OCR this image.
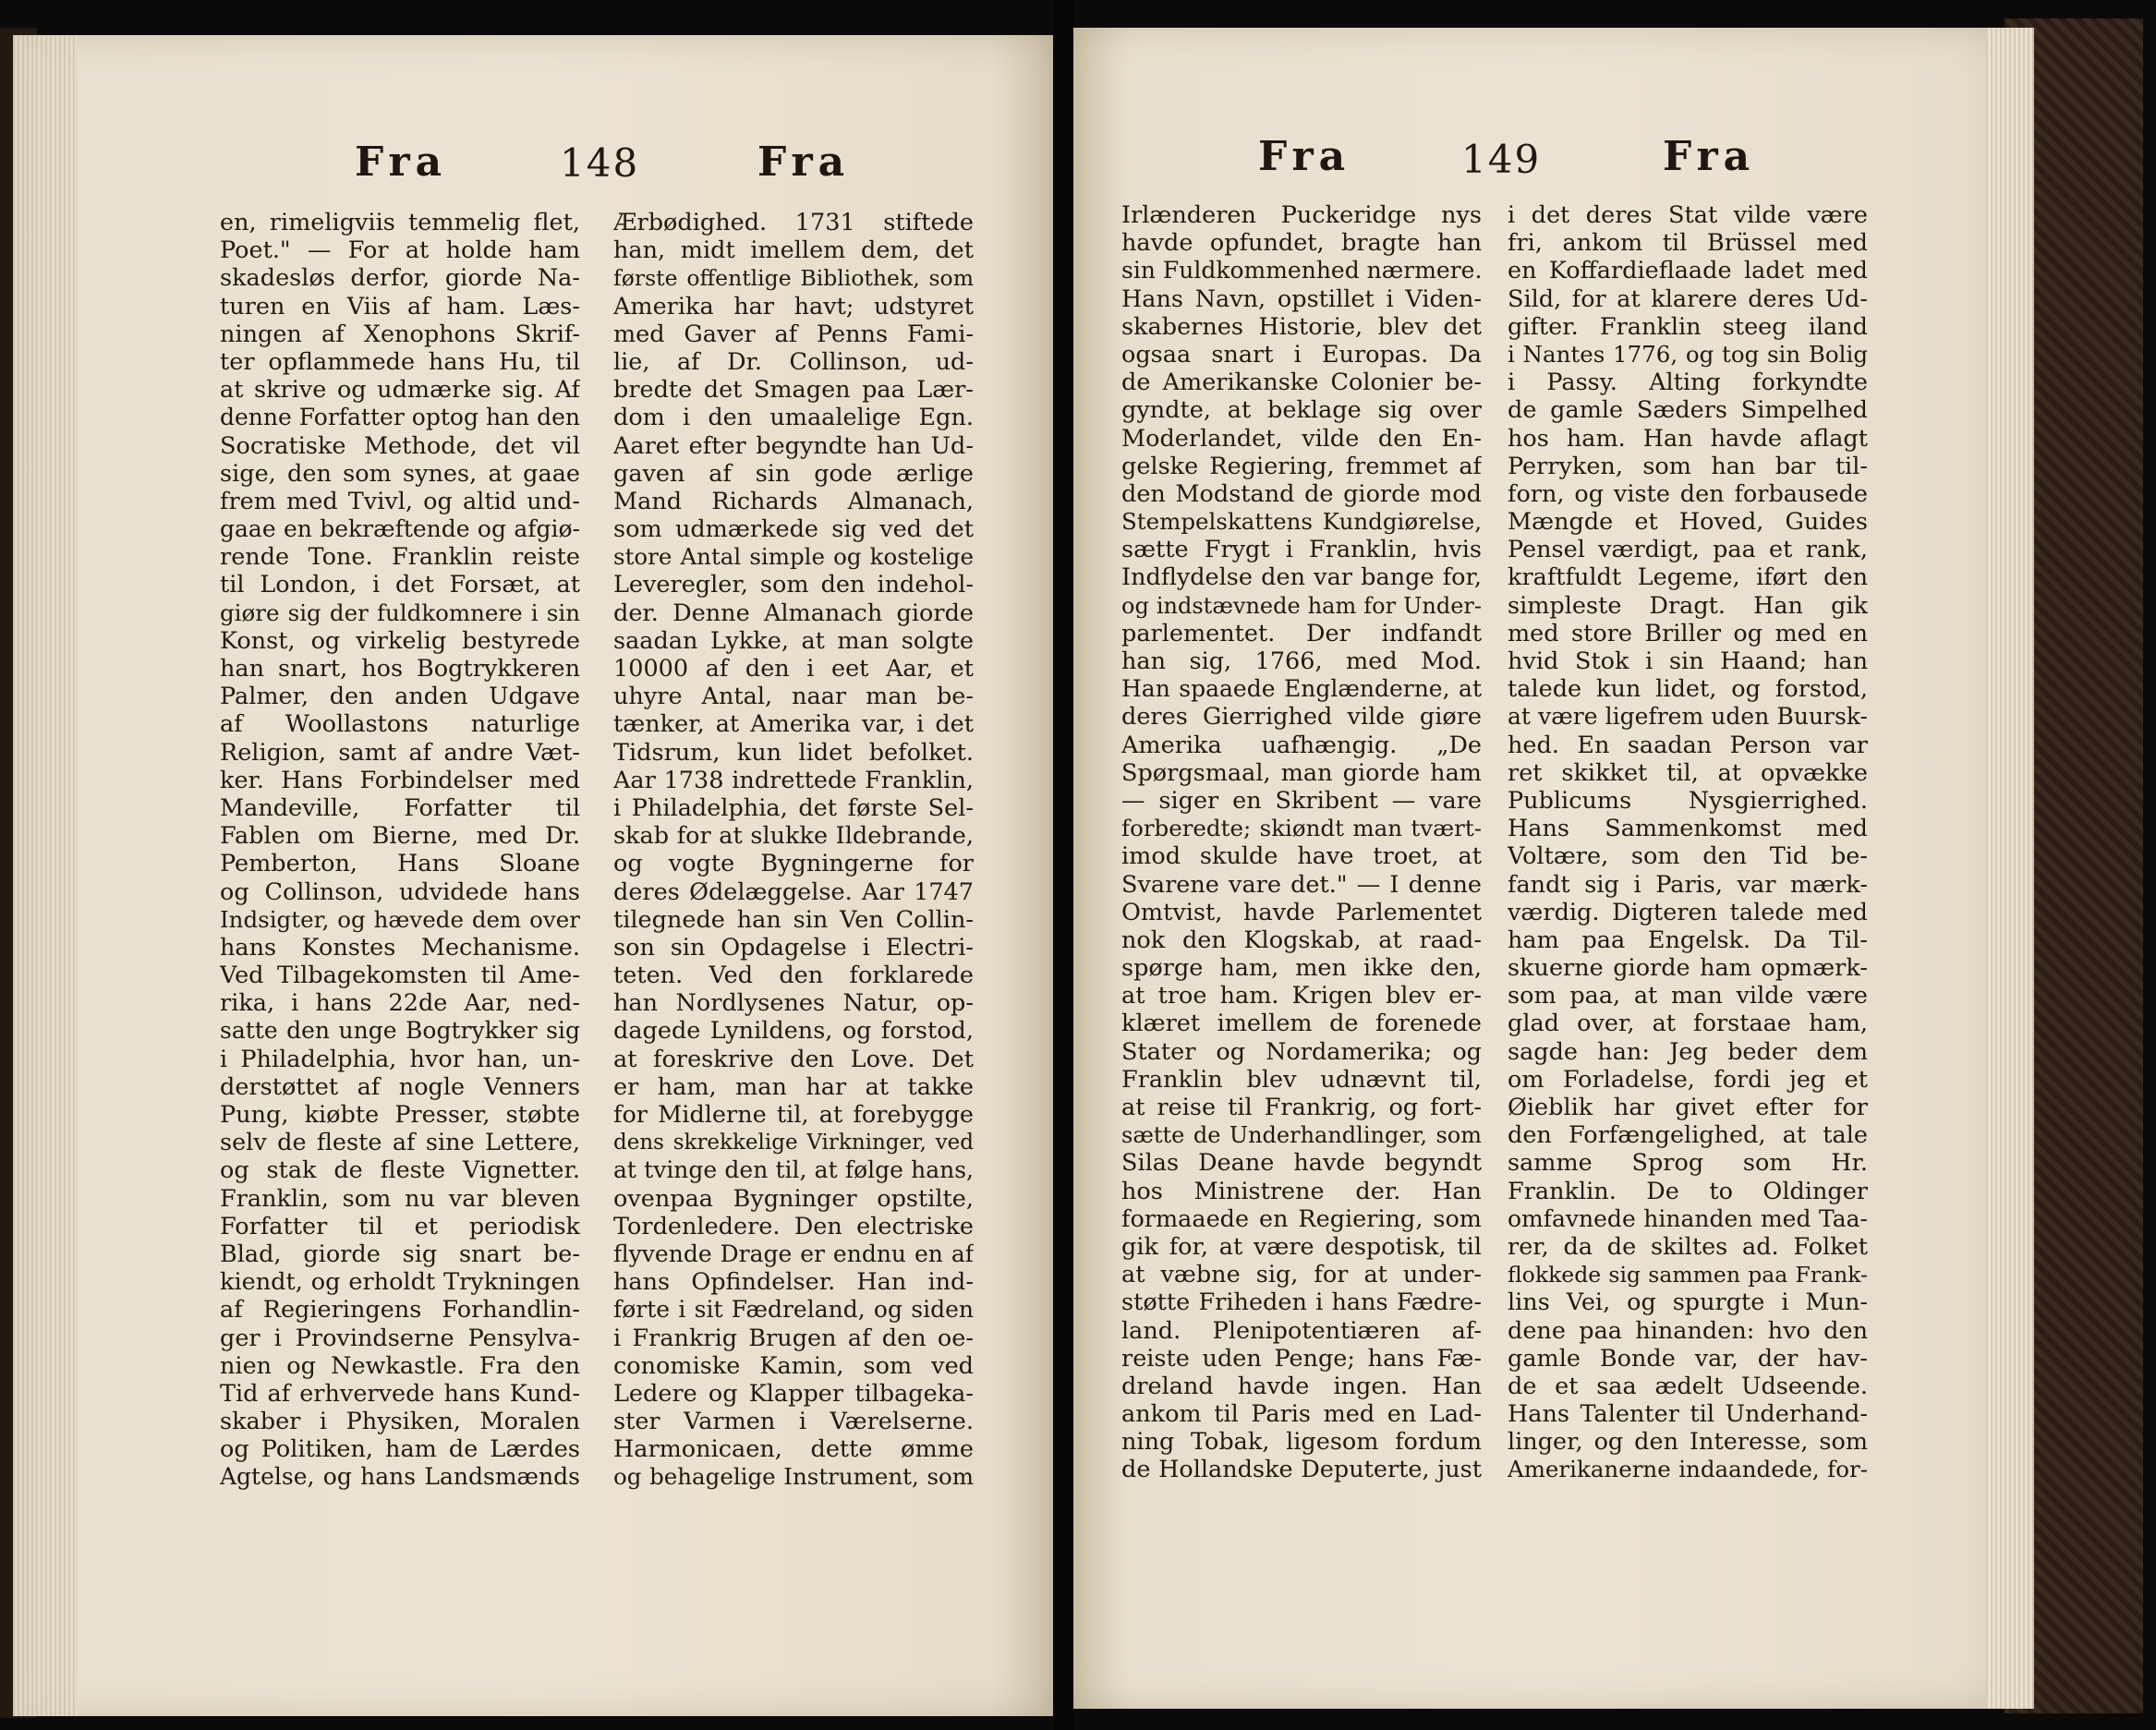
Fra	148	Fra	Fra	149	Fra
en, rimeligviis temmelig flet,
Poet." — For at holde ham
skadesløs derfor, giorde Na-
turen en Viis af ham. Læs-
ningen af Xenophons Skrif-
ter opflammede hans Hu, til
at skrive og udmærke sig. Af
denne Forfatter optog han den
Socratiske Methode, det vil
sige, den som synes, at gaae
frem med Tvivl, og altid und-
gaae en bekræftende og afgiø-
rende Tone. Franklin reiste
til London, i det Forsæt, at
giøre sig der fuldkomnere i sin
Konst, og virkelig bestyrede
han snart, hos Bogtrykkeren
Palmer, den anden Udgave
af Woollastons naturlige
Religion, samt af andre Væt-
ker. Hans Forbindelser med
Mandeville, Forfatter til
Fablen om Bierne, med Dr.
Pemberton, Hans Sloane
og Collinson, udvidede hans
Indsigter, og hævede dem over
hans Konstes Mechanisme.
Ved Tilbagekomsten til Ame-
rika, i hans 22de Aar, ned-
satte den unge Bogtrykker sig
i Philadelphia, hvor han, un-
derstøttet af nogle Venners
Pung, kiøbte Presser, støbte
selv de fleste af sine Lettere,
og stak de fleste Vignetter.
Franklin, som nu var bleven
Forfatter til et periodisk
Blad, giorde sig snart be-
kiendt, og erholdt Trykningen
af Regieringens Forhandlin-
ger i Provindserne Pensylva-
nien og Newkastle. Fra den
Tid af erhvervede hans Kund-
skaber i Physiken, Moralen
og Politiken, ham de Lærdes
Agtelse, og hans Landsmænds
Ærbødighed. 1731 stiftede
han, midt imellem dem, det
første offentlige Bibliothek, som
Amerika har havt; udstyret
med Gaver af Penns Fami-
lie, af Dr. Collinson, ud-
bredte det Smagen paa Lær-
dom i den umaalelige Egn.
Aaret efter begyndte han Ud-
gaven af sin gode ærlige
Mand Richards Almanach,
som udmærkede sig ved det
store Antal simple og kostelige
Leveregler, som den indehol-
der. Denne Almanach giorde
saadan Lykke, at man solgte
10000 af den i eet Aar, et
uhyre Antal, naar man be-
tænker, at Amerika var, i det
Tidsrum, kun lidet befolket.
Aar 1738 indrettede Franklin,
i Philadelphia, det første Sel-
skab for at slukke Ildebrande,
og vogte Bygningerne for
deres Ødelæggelse. Aar 1747
tilegnede han sin Ven Collin-
son sin Opdagelse i Electri-
teten. Ved den forklarede
han Nordlysenes Natur, op-
dagede Lynildens, og forstod,
at foreskrive den Love. Det
er ham, man har at takke
for Midlerne til, at forebygge
dens skrekkelige Virkninger, ved
at tvinge den til, at følge hans,
ovenpaa Bygninger opstilte,
Tordenledere. Den electriske
flyvende Drage er endnu en af
hans Opfindelser. Han ind-
førte i sit Fædreland, og siden
i Frankrig Brugen af den oe-
conomiske Kamin, som ved
Ledere og Klapper tilbageka-
ster Varmen i Værelserne.
Harmonicaen, dette ømme
og behagelige Instrument, som
Irlænderen Puckeridge nys
havde opfundet, bragte han
sin Fuldkommenhed nærmere.
Hans Navn, opstillet i Viden-
skabernes Historie, blev det
ogsaa snart i Europas. Da
de Amerikanske Colonier be-
gyndte, at beklage sig over
Moderlandet, vilde den En-
gelske Regiering, fremmet af
den Modstand de giorde mod
Stempelskattens Kundgiørelse,
sætte Frygt i Franklin, hvis
Indflydelse den var bange for,
og indstævnede ham for Under-
parlementet. Der indfandt
han sig, 1766, med Mod.
Han spaaede Englænderne, at
deres Gierrighed vilde giøre
Amerika uafhængig. „De
Spørgsmaal, man giorde ham
— siger en Skribent — vare
forberedte; skiøndt man tvært-
imod skulde have troet, at
Svarene vare det." — I denne
Omtvist, havde Parlementet
nok den Klogskab, at raad-
spørge ham, men ikke den,
at troe ham. Krigen blev er-
klæret imellem de forenede
Stater og Nordamerika; og
Franklin blev udnævnt til,
at reise til Frankrig, og fort-
sætte de Underhandlinger, som
Silas Deane havde begyndt
hos Ministrene der. Han
formaaede en Regiering, som
gik for, at være despotisk, til
at væbne sig, for at under-
støtte Friheden i hans Fædre-
land. Plenipotentiæren af-
reiste uden Penge; hans Fæ-
dreland havde ingen. Han
ankom til Paris med en Lad-
ning Tobak, ligesom fordum
de Hollandske Deputerte, just
i det deres Stat vilde være
fri, ankom til Brüssel med
en Koffardieflaade ladet med
Sild, for at klarere deres Ud-
gifter. Franklin steeg iland
i Nantes 1776, og tog sin Bolig
i Passy. Alting forkyndte
de gamle Sæders Simpelhed
hos ham. Han havde aflagt
Perryken, som han bar til-
forn, og viste den forbausede
Mængde et Hoved, Guides
Pensel værdigt, paa et rank,
kraftfuldt Legeme, iført den
simpleste Dragt. Han gik
med store Briller og med en
hvid Stok i sin Haand; han
talede kun lidet, og forstod,
at være ligefrem uden Buursk-
hed. En saadan Person var
ret skikket til, at opvække
Publicums Nysgierrighed.
Hans Sammenkomst med
Voltære, som den Tid be-
fandt sig i Paris, var mærk-
værdig. Digteren talede med
ham paa Engelsk. Da Til-
skuerne giorde ham opmærk-
som paa, at man vilde være
glad over, at forstaae ham,
sagde han: Jeg beder dem
om Forladelse, fordi jeg et
Øieblik har givet efter for
den Forfængelighed, at tale
samme Sprog som Hr.
Franklin. De to Oldinger
omfavnede hinanden med Taa-
rer, da de skiltes ad. Folket
flokkede sig sammen paa Frank-
lins Vei, og spurgte i Mun-
dene paa hinanden: hvo den
gamle Bonde var, der hav-
de et saa ædelt Udseende.
Hans Talenter til Underhand-
linger, og den Interesse, som
Amerikanerne indaandede, for-
